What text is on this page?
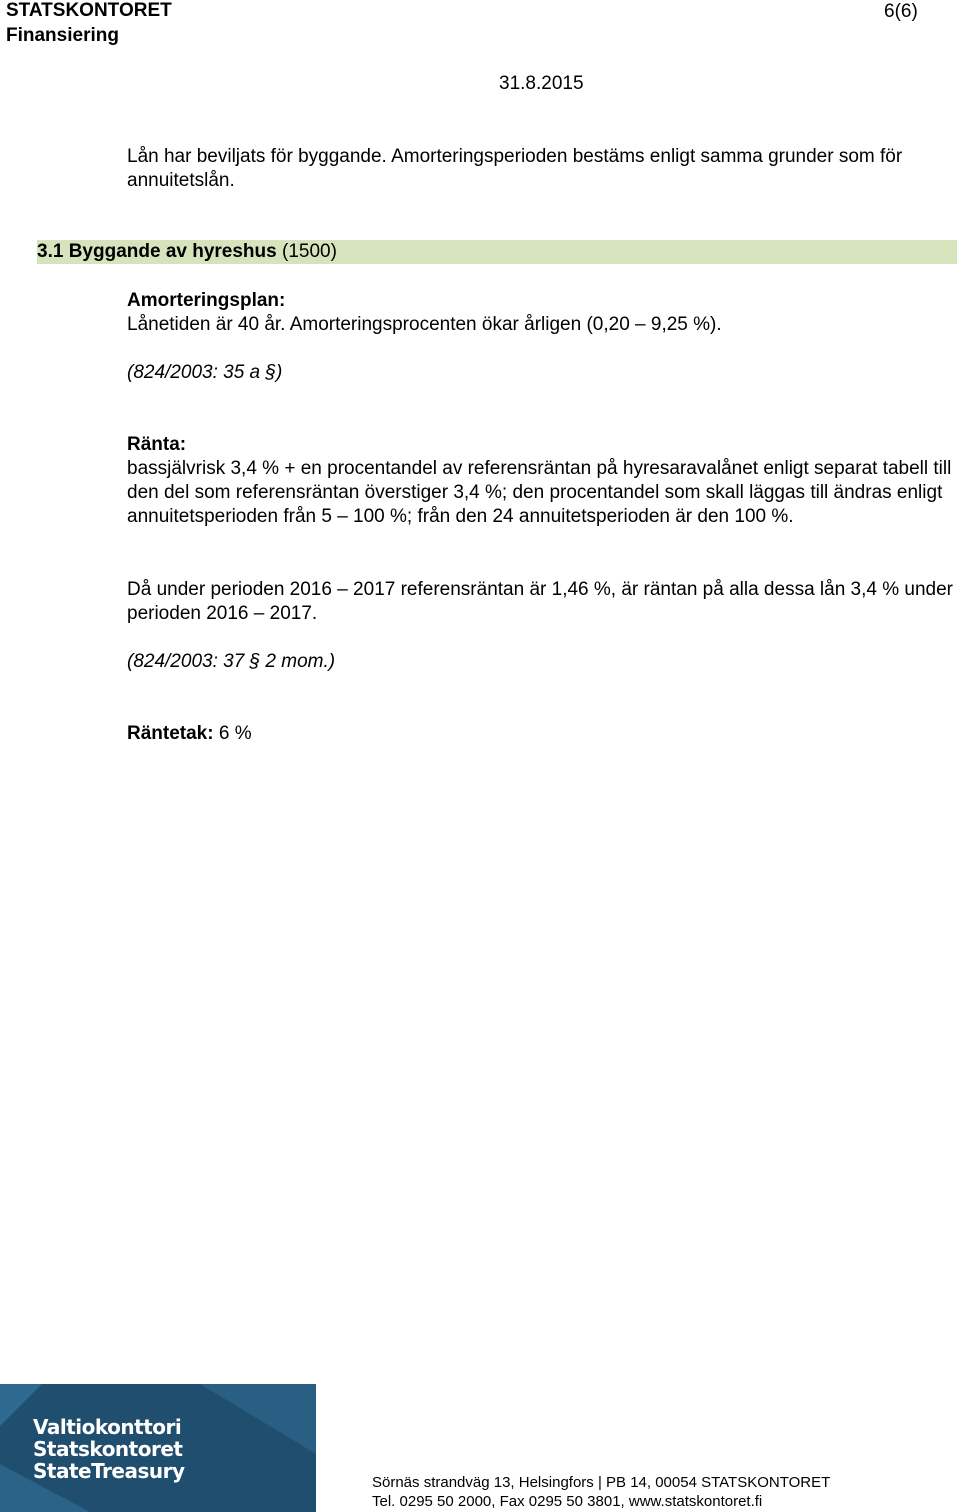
STATSKONTORET
Finansiering
6(6)
31.8.2015
Lån har beviljats för byggande. Amorteringsperioden bestäms enligt samma grunder som för annuitetslån.
3.1 Byggande av hyreshus (1500)
Amorteringsplan:
Lånetiden är 40 år. Amorteringsprocenten ökar årligen (0,20 – 9,25 %).
(824/2003: 35 a §)
Ränta:
bassjälvrisk 3,4 % + en procentandel av referensräntan på hyresaravalånet enligt separat tabell till den del som referensräntan överstiger 3,4 %; den procentandel som skall läggas till ändras enligt annuitetsperioden från 5 – 100 %; från den 24 annuitetsperioden är den 100 %.
Då under perioden 2016 – 2017 referensräntan är 1,46 %, är räntan på alla dessa lån 3,4 % under perioden 2016 – 2017.
(824/2003: 37 § 2 mom.)
Räntetak: 6 %
Valtiokonttori
Statskontoret
StateTreasury	Sörnäs strandväg 13, Helsingfors | PB 14, 00054 STATSKONTORET
Tel. 0295 50 2000, Fax 0295 50 3801, www.statskontoret.fi
